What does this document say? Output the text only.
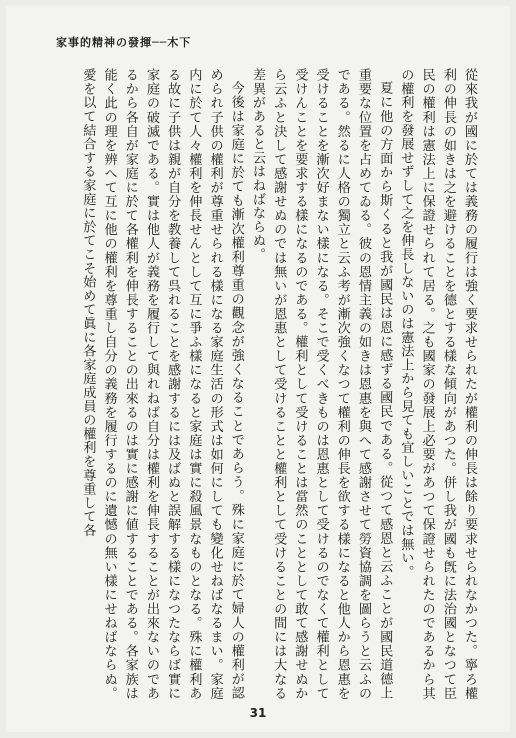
家事的精神の發揮──木下

從來我が國に於ては義務の履行は強く要求せられたが權利の伸長は餘り要求せられなかつた。寧ろ權利の伸長の如きは之を避けることを德とする樣な傾向があつた。併し我が國も旣に法治國となつて臣民の權利は憲法上に保證せられて居る。之も國家の發展上必要があつて保證せられたのであるから其の權利を發展せずして之を伸長しないのは憲法上から見ても宜しいことでは無い。

夏に他の方面から斯くると我が國民は恩に感ずる國民である。從つて感恩と云ふことが國民道德上重要な位置を占めてゐる。彼の恩情主義の如きは恩惠を與へて感謝させて勞資協調を圖らうと云ふのである。然るに人格の獨立と云ふ考が漸次強くなつて權利の伸長を欲する樣になると他人から恩惠を受けることを漸次好まない樣になる。そこで受くべきものは恩惠として受けるのでなくて權利として受けんことを要求する樣になるのである。權利として受けることは當然のこととして敢て感謝せぬから云ふと決して感謝せぬのでは無いが恩惠として受けることと權利として受けることの間には大なる差異があると云はねばならぬ。

今後は家庭に於ても漸次權利尊重の觀念が強くなることであらう。殊に家庭に於て婦人の權利が認められ子供の權利が尊重せられる樣になる家庭生活の形式は如何にしても變化せねばなるまい。家庭内に於て人々權利を伸長せんとして互に爭ふ樣になると家庭は實に殺風景なものとなる。殊に權利ある故に子供は親が自分を教養して呉れることを感謝するには及ばぬと誤解する樣になつたならば實に家庭の破滅である。實は他人が義務を履行して與れねば自分は權利を伸長することが出來ないのであるから各自が家庭に於て各權利を伸長することの出來るのは實に感謝に値することである。各家族は能く此の理を辨へて互に他の權利を尊重し自分の義務を履行するのに遺憾の無い樣にせねばならぬ。愛を以て結合する家庭に於てこそ始めて眞に各家庭成員の權利を尊重して各

31
